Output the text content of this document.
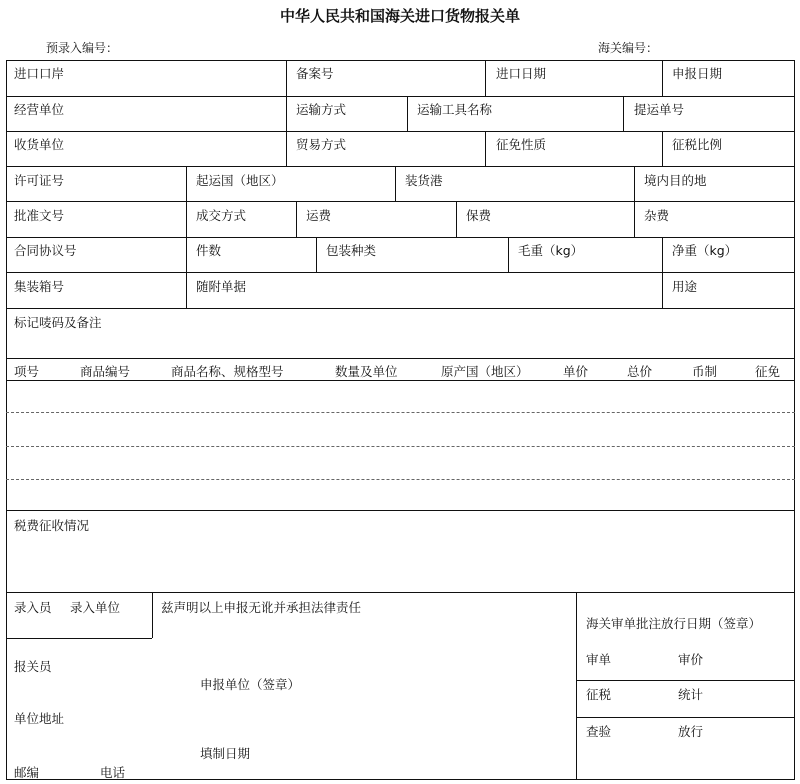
中华人民共和国海关进口货物报关单
预录入编号：	海关编号：
进口口岸	备案号	进口日期	申报日期
经营单位	运输方式	运输工具名称	提运单号
收货单位	贸易方式	征免性质	征税比例
许可证号	起运国（地区）	装货港	境内目的地
批准文号	成交方式	运费	保费	杂费
合同协议号	件数	包装种类	毛重（kg）	净重（kg）
集装箱号	随附单据	用途
标记唛码及备注
项号	商品编号	商品名称、规格型号	数量及单位	原产国（地区）	单价	总价	币制	征免
税费征收情况
录入员 录入单位	兹声明以上申报无讹并承担法律责任
报关员
申报单位（签章）
单位地址
填制日期
邮编	电话
海关审单批注放行日期（签章）
审单	审价
征税	统计
查验	放行
